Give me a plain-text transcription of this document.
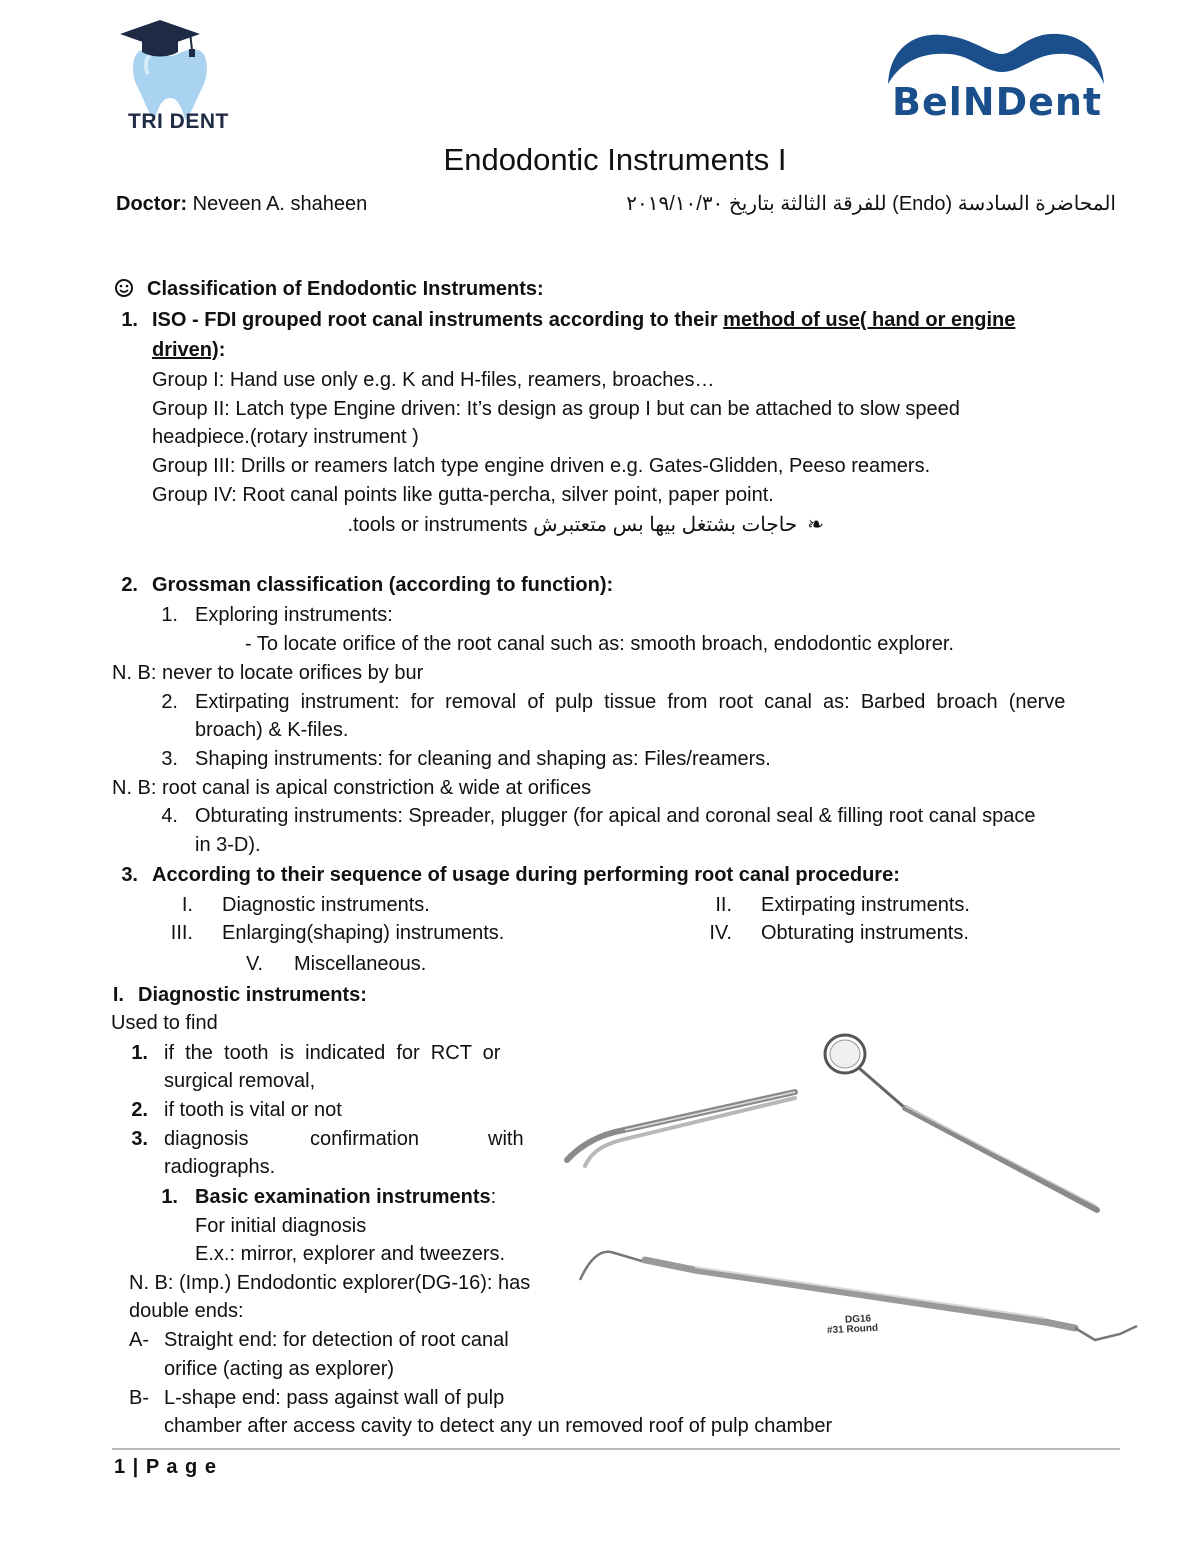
TRI DENT	BelNDent
Endodontic Instruments I
Doctor: Neveen A. shaheen	المحاضرة السادسة (Endo) للفرقة الثالثة بتاريخ ٢٠١٩/١٠/٣٠
Classification of Endodontic Instruments:
1. ISO - FDI grouped root canal instruments according to their method of use( hand or engine
driven):
Group I: Hand use only e.g. K and H-files, reamers, broaches…
Group II: Latch type Engine driven: It’s design as group I but can be attached to slow speed
headpiece.(rotary instrument )
Group III: Drills or reamers latch type engine driven e.g. Gates-Glidden, Peeso reamers.
Group IV: Root canal points like gutta-percha, silver point, paper point.
❧حاجات بشتغل بيها بس متعتبرش tools or instruments.
2. Grossman classification (according to function):
1. Exploring instruments:
- To locate orifice of the root canal such as: smooth broach, endodontic explorer.
N. B: never to locate orifices by bur
2. Extirpating  instrument:  for  removal  of  pulp  tissue  from  root  canal  as:  Barbed  broach  (nerve
broach) & K-files.
3. Shaping instruments: for cleaning and shaping as: Files/reamers.
N. B: root canal is apical constriction & wide at orifices
4. Obturating instruments: Spreader, plugger (for apical and coronal seal & filling root canal space
in 3-D).
3. According to their sequence of usage during performing root canal procedure:
I. Diagnostic instruments.	II. Extirpating instruments.
III. Enlarging(shaping) instruments.	IV. Obturating instruments.
V. Miscellaneous.
I. Diagnostic instruments:
Used to find
1. if  the  tooth  is  indicated  for  RCT  or
surgical removal,
2. if tooth is vital or not
3. diagnosis	confirmation	with
radiographs.
1. Basic examination instruments:
For initial diagnosis
E.x.: mirror, explorer and tweezers.
N. B: (Imp.) Endodontic explorer(DG-16): has
double ends:
A- Straight end: for detection of root canal
orifice (acting as explorer)
B- L-shape end: pass against wall of pulp
chamber after access cavity to detect any un removed roof of pulp chamber
DG16
#31 Round
1 | P a g e
